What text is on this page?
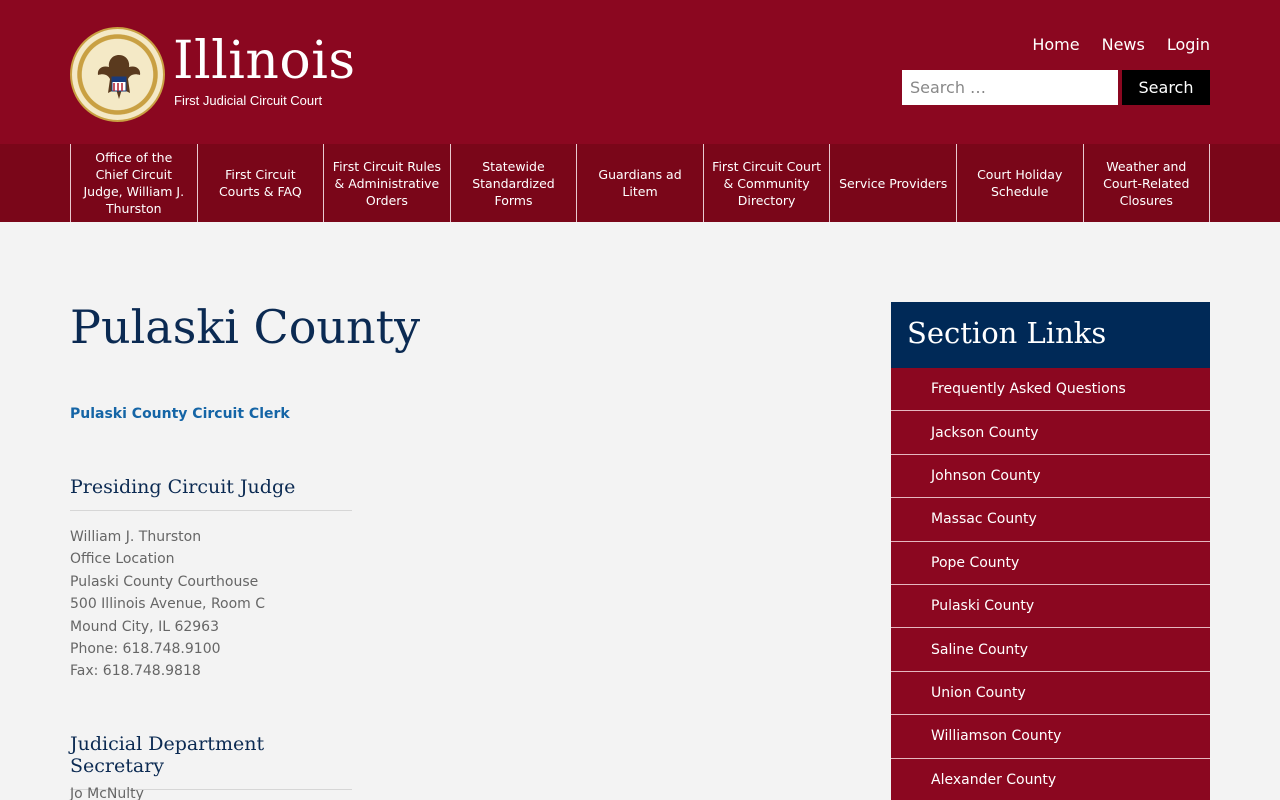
Illinois
First Judicial Circuit Court
Home News Login
Search …
Search
Office of the Chief Circuit Judge, William J. Thurston
First Circuit Courts & FAQ
First Circuit Rules & Administrative Orders
Statewide Standardized Forms
Guardians ad Litem
First Circuit Court & Community Directory
Service Providers
Court Holiday Schedule
Weather and Court-Related Closures
Pulaski County
Pulaski County Circuit Clerk
Presiding Circuit Judge
William J. Thurston
Office Location
Pulaski County Courthouse
500 Illinois Avenue, Room C
Mound City, IL 62963
Phone: 618.748.9100
Fax: 618.748.9818
Judicial Department Secretary
Jo McNulty
Section Links
Frequently Asked Questions
Jackson County
Johnson County
Massac County
Pope County
Pulaski County
Saline County
Union County
Williamson County
Alexander County
